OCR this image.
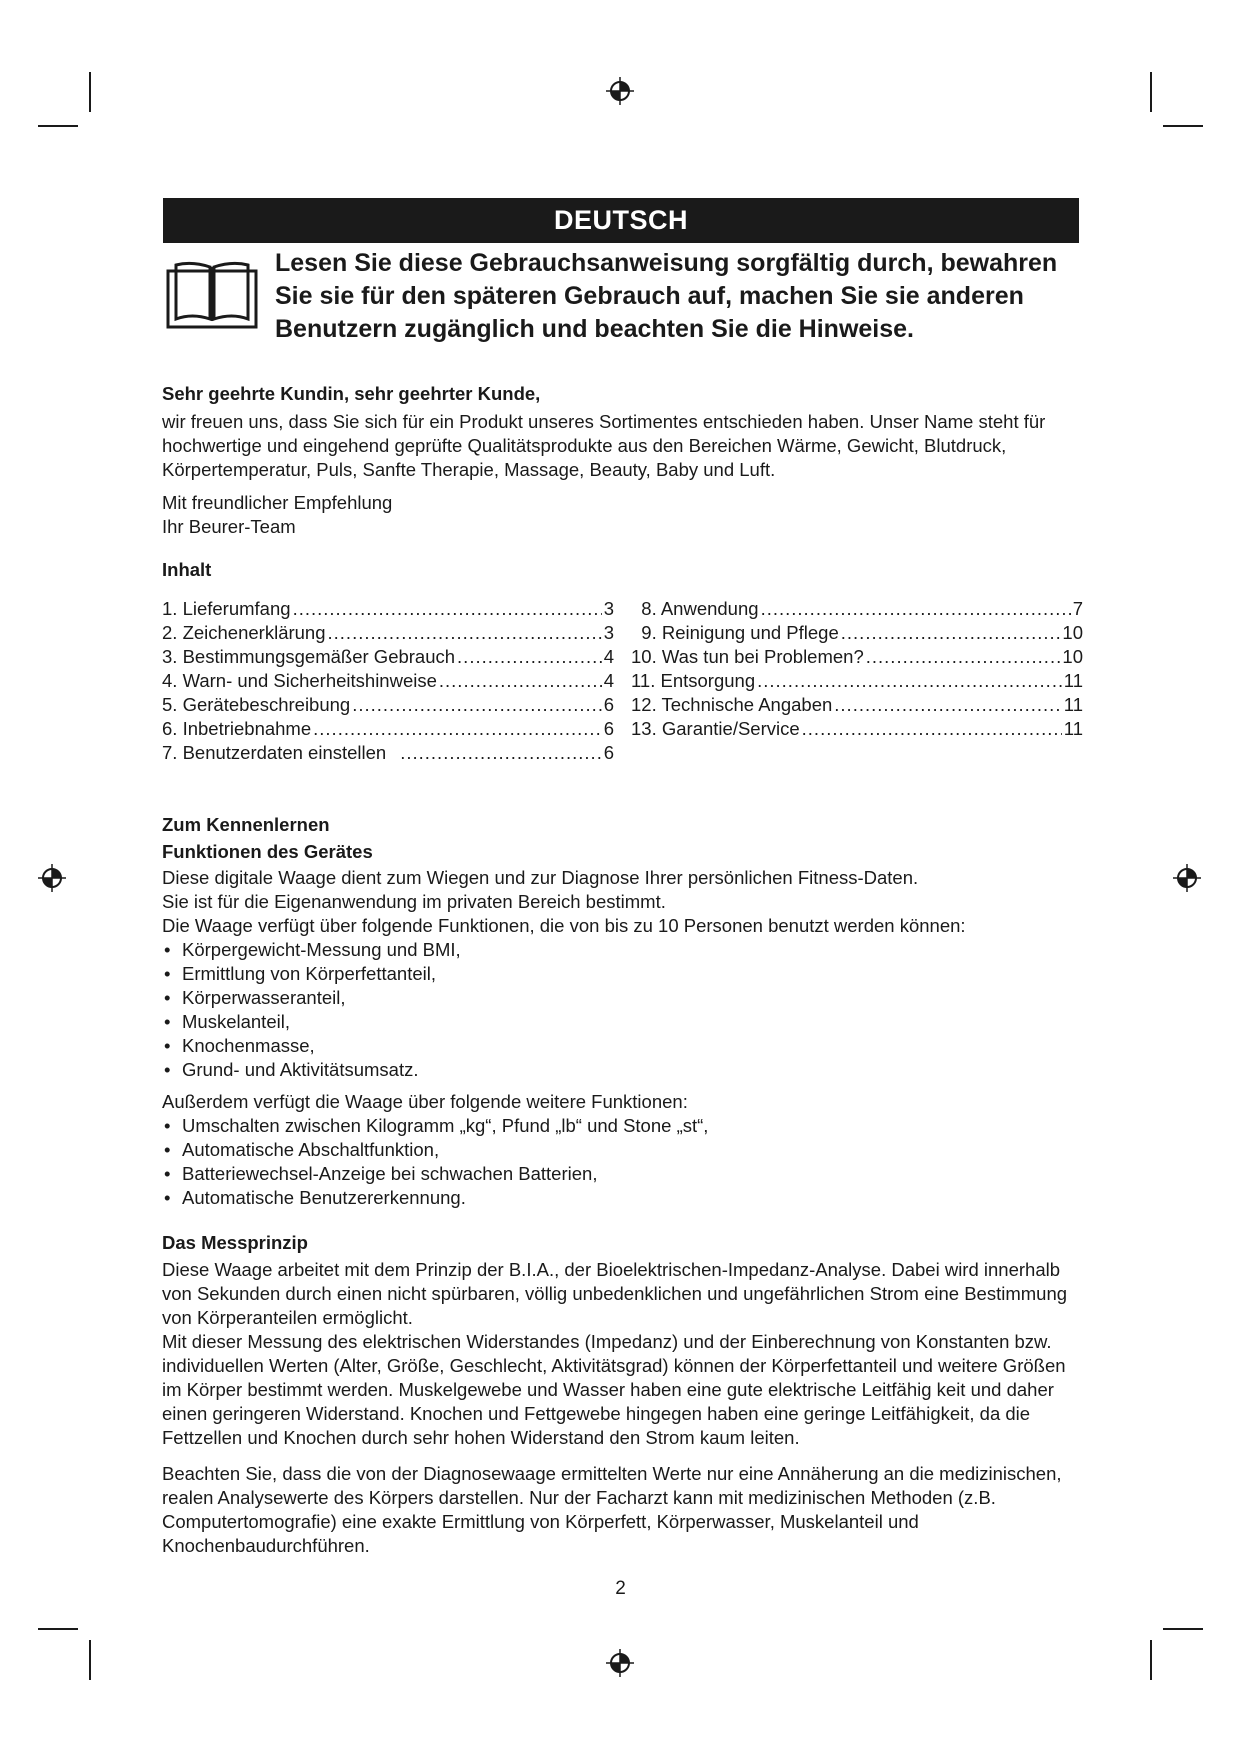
DEUTSCH

Lesen Sie diese Gebrauchsanweisung sorgfältig durch, bewahren Sie sie für den späteren Gebrauch auf, machen Sie sie anderen Benutzern zugänglich und beachten Sie die Hinweise.

Sehr geehrte Kundin, sehr geehrter Kunde,

wir freuen uns, dass Sie sich für ein Produkt unseres Sortimentes entschieden haben. Unser Name steht für hochwertige und eingehend geprüfte Qualitätsprodukte aus den Bereichen Wärme, Gewicht, Blutdruck, Körpertemperatur, Puls, Sanfte Therapie, Massage, Beauty, Baby und Luft.

Mit freundlicher Empfehlung

Ihr Beurer-Team

Inhalt

1. Lieferumfang .....	3
2. Zeichenerklärung .....	3
3. Bestimmungsgemäßer Gebrauch .....	4
4. Warn- und Sicherheitshinweise .....	4
5. Gerätebeschreibung .....	6
6. Inbetriebnahme .....	6
7. Benutzerdaten einstellen .....	6
8. Anwendung .....	7
9. Reinigung und Pflege .....	10
10. Was tun bei Problemen? .....	10
11. Entsorgung .....	11
12. Technische Angaben .....	11
13. Garantie/Service .....	11

Zum Kennenlernen

Funktionen des Gerätes

Diese digitale Waage dient zum Wiegen und zur Diagnose Ihrer persönlichen Fitness-Daten.

Sie ist für die Eigenanwendung im privaten Bereich bestimmt.

Die Waage verfügt über folgende Funktionen, die von bis zu 10 Personen benutzt werden können:

• Körpergewicht-Messung und BMI,
• Ermittlung von Körperfettanteil,
• Körperwasseranteil,
• Muskelanteil,
• Knochenmasse,
• Grund- und Aktivitätsumsatz.

Außerdem verfügt die Waage über folgende weitere Funktionen:

• Umschalten zwischen Kilogramm „kg“, Pfund „lb“ und Stone „st“,
• Automatische Abschaltfunktion,
• Batteriewechsel-Anzeige bei schwachen Batterien,
• Automatische Benutzererkennung.

Das Messprinzip

Diese Waage arbeitet mit dem Prinzip der B.I.A., der Bioelektrischen-Impedanz-Analyse. Dabei wird innerhalb von Sekunden durch einen nicht spürbaren, völlig unbedenklichen und ungefährlichen Strom eine Bestimmung von Körperanteilen ermöglicht.

Mit dieser Messung des elektrischen Widerstandes (Impedanz) und der Einberechnung von Konstanten bzw. individuellen Werten (Alter, Größe, Geschlecht, Aktivitätsgrad) können der Körperfettanteil und weitere Größen im Körper bestimmt werden. Muskelgewebe und Wasser haben eine gute elektrische Leitfähig keit und daher einen geringeren Widerstand. Knochen und Fettgewebe hingegen haben eine geringe Leitfähigkeit, da die Fettzellen und Knochen durch sehr hohen Widerstand den Strom kaum leiten.

Beachten Sie, dass die von der Diagnosewaage ermittelten Werte nur eine Annäherung an die medizinischen, realen Analysewerte des Körpers darstellen. Nur der Facharzt kann mit medizinischen Methoden (z.B. Computertomografie) eine exakte Ermittlung von Körperfett, Körperwasser, Muskelanteil und Knochenbaudurchführen.

2
